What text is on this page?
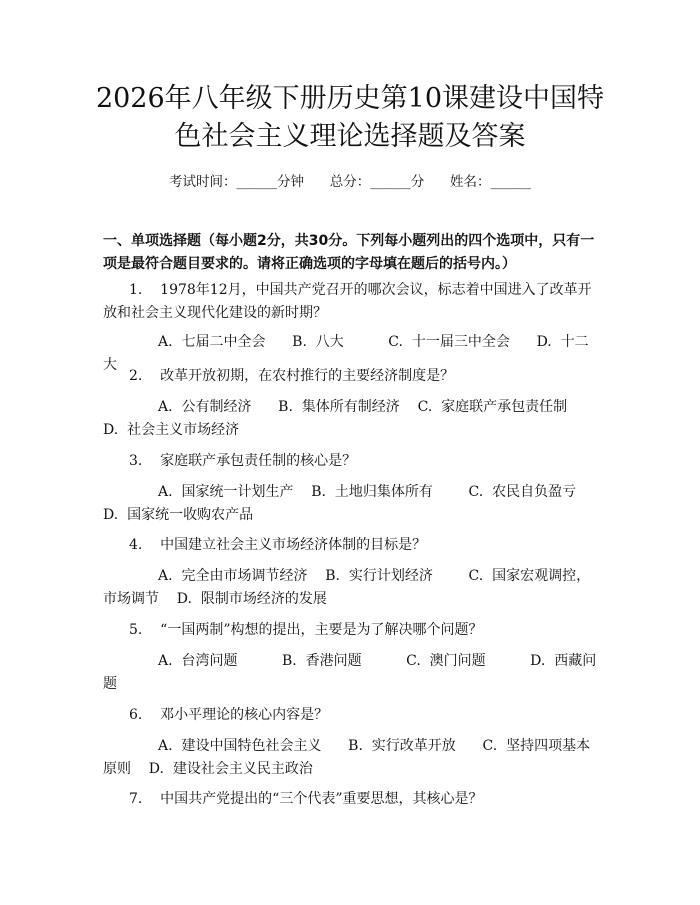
2026年八年级下册历史第10课建设中国特
色社会主义理论选择题及答案
考试时间：______分钟      总分：______分      姓名：______
一、单项选择题（每小题2分，共30分。下列每小题列出的四个选项中，只有一项是最符合题目要求的。请将正确选项的字母填在题后的括号内。）
1.    1978年12月，中国共产党召开的哪次会议，标志着中国进入了改革开放和社会主义现代化建设的新时期？
A.  七届二中全会      B.  八大          C.  十一届三中全会      D.  十二大
2.    改革开放初期，在农村推行的主要经济制度是？
A.  公有制经济      B.  集体所有制经济    C.  家庭联产承包责任制    D.  社会主义市场经济
3.    家庭联产承包责任制的核心是？
A.  国家统一计划生产    B.  土地归集体所有        C.  农民自负盈亏        D.  国家统一收购农产品
4.    中国建立社会主义市场经济体制的目标是？
A.  完全由市场调节经济    B.  实行计划经济        C.  国家宏观调控，市场调节    D.  限制市场经济的发展
5.    “一国两制”构想的提出，主要是为了解决哪个问题？
A.  台湾问题          B.  香港问题          C.  澳门问题          D.  西藏问题
6.    邓小平理论的核心内容是？
A.  建设中国特色社会主义      B.  实行改革开放      C.  坚持四项基本原则    D.  建设社会主义民主政治
7.    中国共产党提出的“三个代表”重要思想，其核心是？
